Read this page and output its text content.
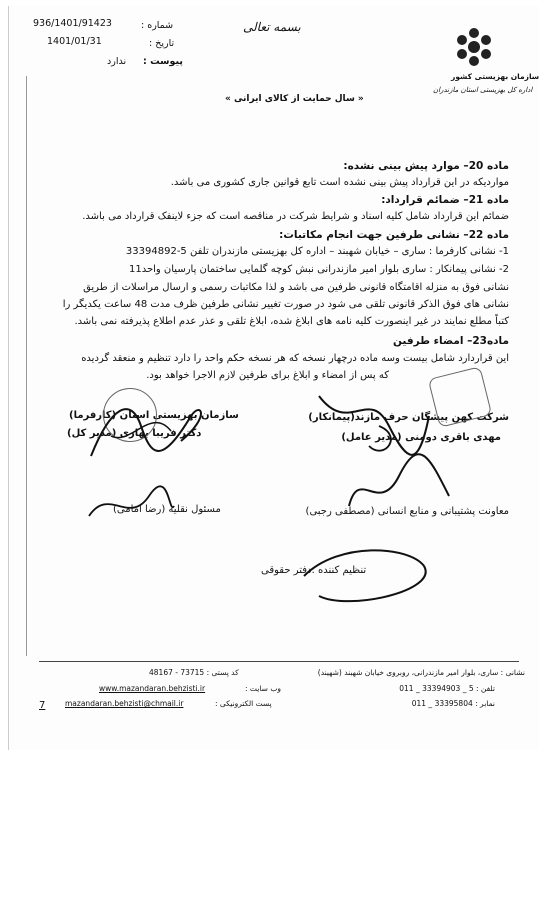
936/1401/91423	شماره :
1401/01/31	تاریخ :
پیوست :
ندارد
بسمه تعالی
سازمان بهزیستی کشور
اداره کل بهزیستی استان مازندران
« سال حمایت از کالای ایرانی »
ماده 20– موارد پیش بینی نشده:
مواردیکه در این قرارداد پیش بینی نشده است تابع قوانین جاری کشوری می باشد.
ماده 21– ضمائم قرارداد:
ضمائم این قرارداد شامل کلیه اسناد و شرایط شرکت در مناقصه است که جزء لاینفک قرارداد می باشد.
ماده 22– نشانی طرفین جهت انجام مکاتبات:
1- نشانی کارفرما : ساری – خیابان شهبند – اداره کل بهزیستی مازندران تلفن 5-33394892
2- نشانی پیمانکار : ساری بلوار امیر مازندرانی نبش کوچه گلمایی ساختمان پارسیان واحد11
نشانی فوق به منزله اقامتگاه قانونی طرفین می باشد و لذا مکاتبات رسمی و ارسال مراسلات از طریق
نشانی های فوق الذکر قانونی تلقی می شود در صورت تغییر نشانی طرفین ظرف مدت 48 ساعت یکدیگر را
کتباً مطلع نمایند در غیر اینصورت کلیه نامه های ابلاغ شده، ابلاغ تلقی و عذر عدم اطلاع پذیرفته نمی باشد.
ماده23– امضاء طرفین
این قراردارد شامل بیست وسه ماده درچهار نسخه که هر نسخه حکم واحد را دارد تنظیم و منعقد گردیده
که پس از امضاء و ابلاغ برای طرفین لازم الاجرا خواهد بود.
سازمان بهزیستی استان (کارفرما)
دکتر فریبا بهاری (مدیر کل)
شرکت کهن پیشگان حرف مازند(پیمانکار)
مهدی باقری دومنی (مدیر عامل)
مسئول نقلیه (رضا امامی)	معاونت پشتیبانی و منابع انسانی (مصطفی رجبی)
تنظیم کننده :دفتر حقوقی
کد پستی : 73715 - 48167
وب سایت :
www.mazandaran.behzisti.ir
پست الکترونیکی :
mazandaran.behzisti@chmail.ir
نشانی : ساری، بلوار امیر مازندرانی، روبروی خیابان شهبند (شهیند)
تلفن : 5 _ 33394903 _ 011
نمابر : 33395804 _ 011
7
